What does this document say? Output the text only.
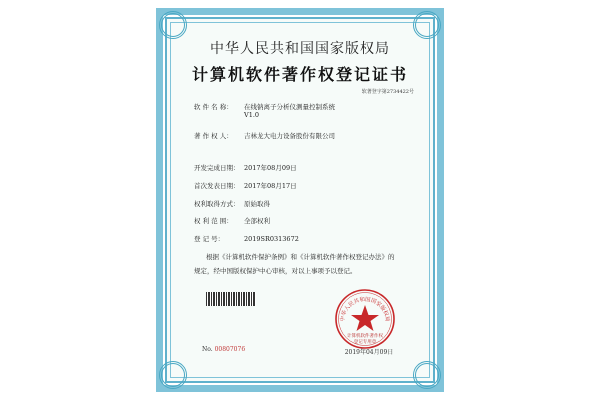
中华人民共和国国家版权局
计算机软件著作权登记证书
软著登字第2734422号
软 件 名 称： 在线钠离子分析仪测量控制系统
V1.0
著 作 权 人： 吉林龙大电力设备股份有限公司
开发完成日期： 2017年08月09日
首次发表日期： 2017年08月17日
权利取得方式： 原始取得
权 利 范 围： 全部权利
登 记 号：	2019SR0313672

根据《计算机软件保护条例》和《计算机软件著作权登记办法》的

规定，经中国版权保护中心审核，对以上事项予以登记。

中华人民共和国国家版权局
计算机软件著作权
登记专用章
No. 00807076	2019年04月09日
